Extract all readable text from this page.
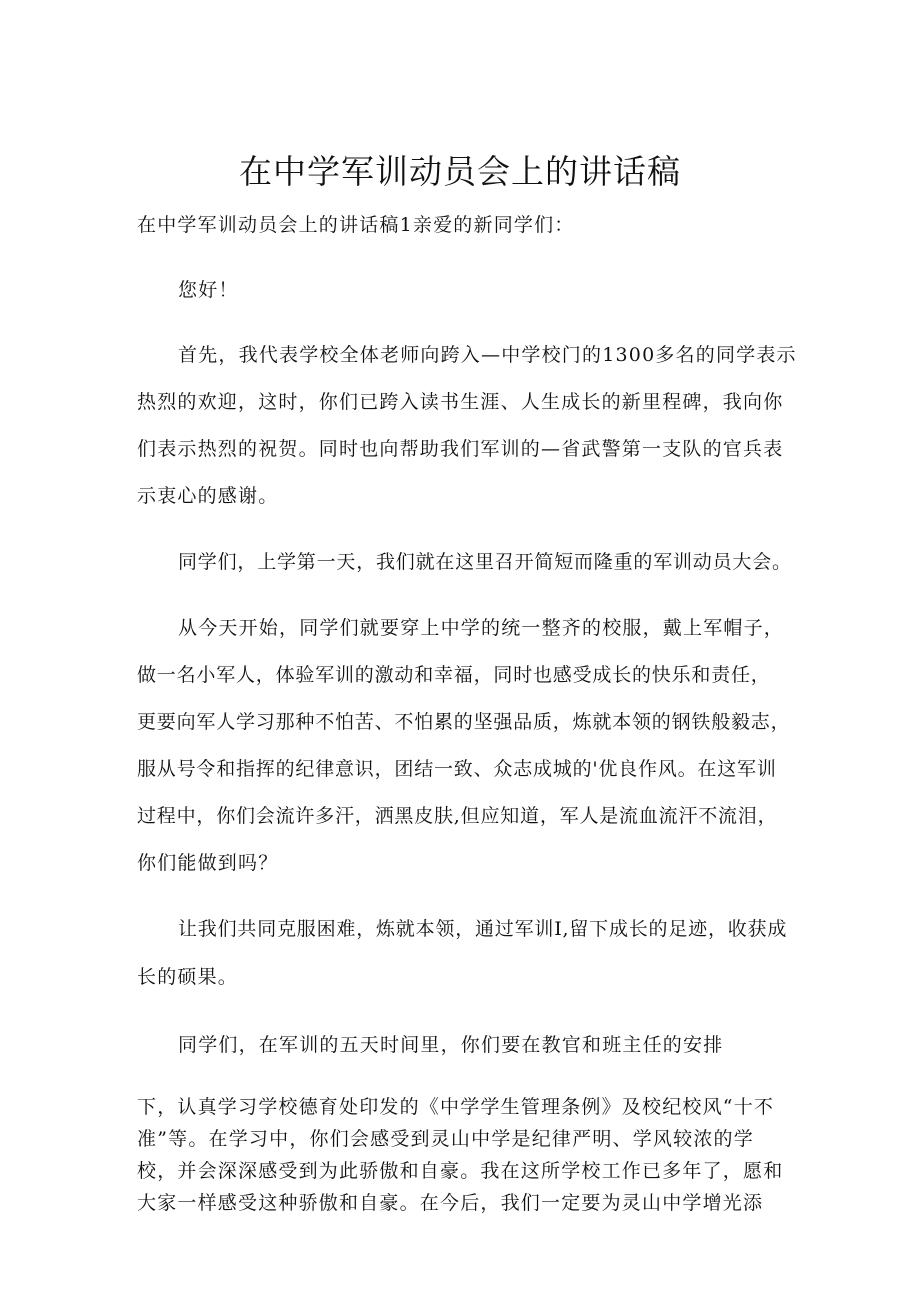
在中学军训动员会上的讲话稿
在中学军训动员会上的讲话稿1亲爱的新同学们：
您好！
首先，我代表学校全体老师向跨入—中学校门的1300多名的同学表示
热烈的欢迎，这时，你们已跨入读书生涯、人生成长的新里程碑，我向你
们表示热烈的祝贺。同时也向帮助我们军训的—省武警第一支队的官兵表
示衷心的感谢。
同学们，上学第一天，我们就在这里召开简短而隆重的军训动员大会。
从今天开始，同学们就要穿上中学的统一整齐的校服，戴上军帽子，
做一名小军人，体验军训的激动和幸福，同时也感受成长的快乐和责任，
更要向军人学习那种不怕苦、不怕累的坚强品质，炼就本领的钢铁般毅志，
服从号令和指挥的纪律意识，团结一致、众志成城的'优良作风。在这军训
过程中，你们会流许多汗，洒黑皮肤,但应知道，军人是流血流汗不流泪，
你们能做到吗？
让我们共同克服困难，炼就本领，通过军训I,留下成长的足迹，收获成
长的硕果。
同学们，在军训的五天时间里，你们要在教官和班主任的安排
下，认真学习学校德育处印发的《中学学生管理条例》及校纪校风“十不
准”等。在学习中，你们会感受到灵山中学是纪律严明、学风较浓的学
校，并会深深感受到为此骄傲和自豪。我在这所学校工作已多年了，愿和
大家一样感受这种骄傲和自豪。在今后，我们一定要为灵山中学增光添
